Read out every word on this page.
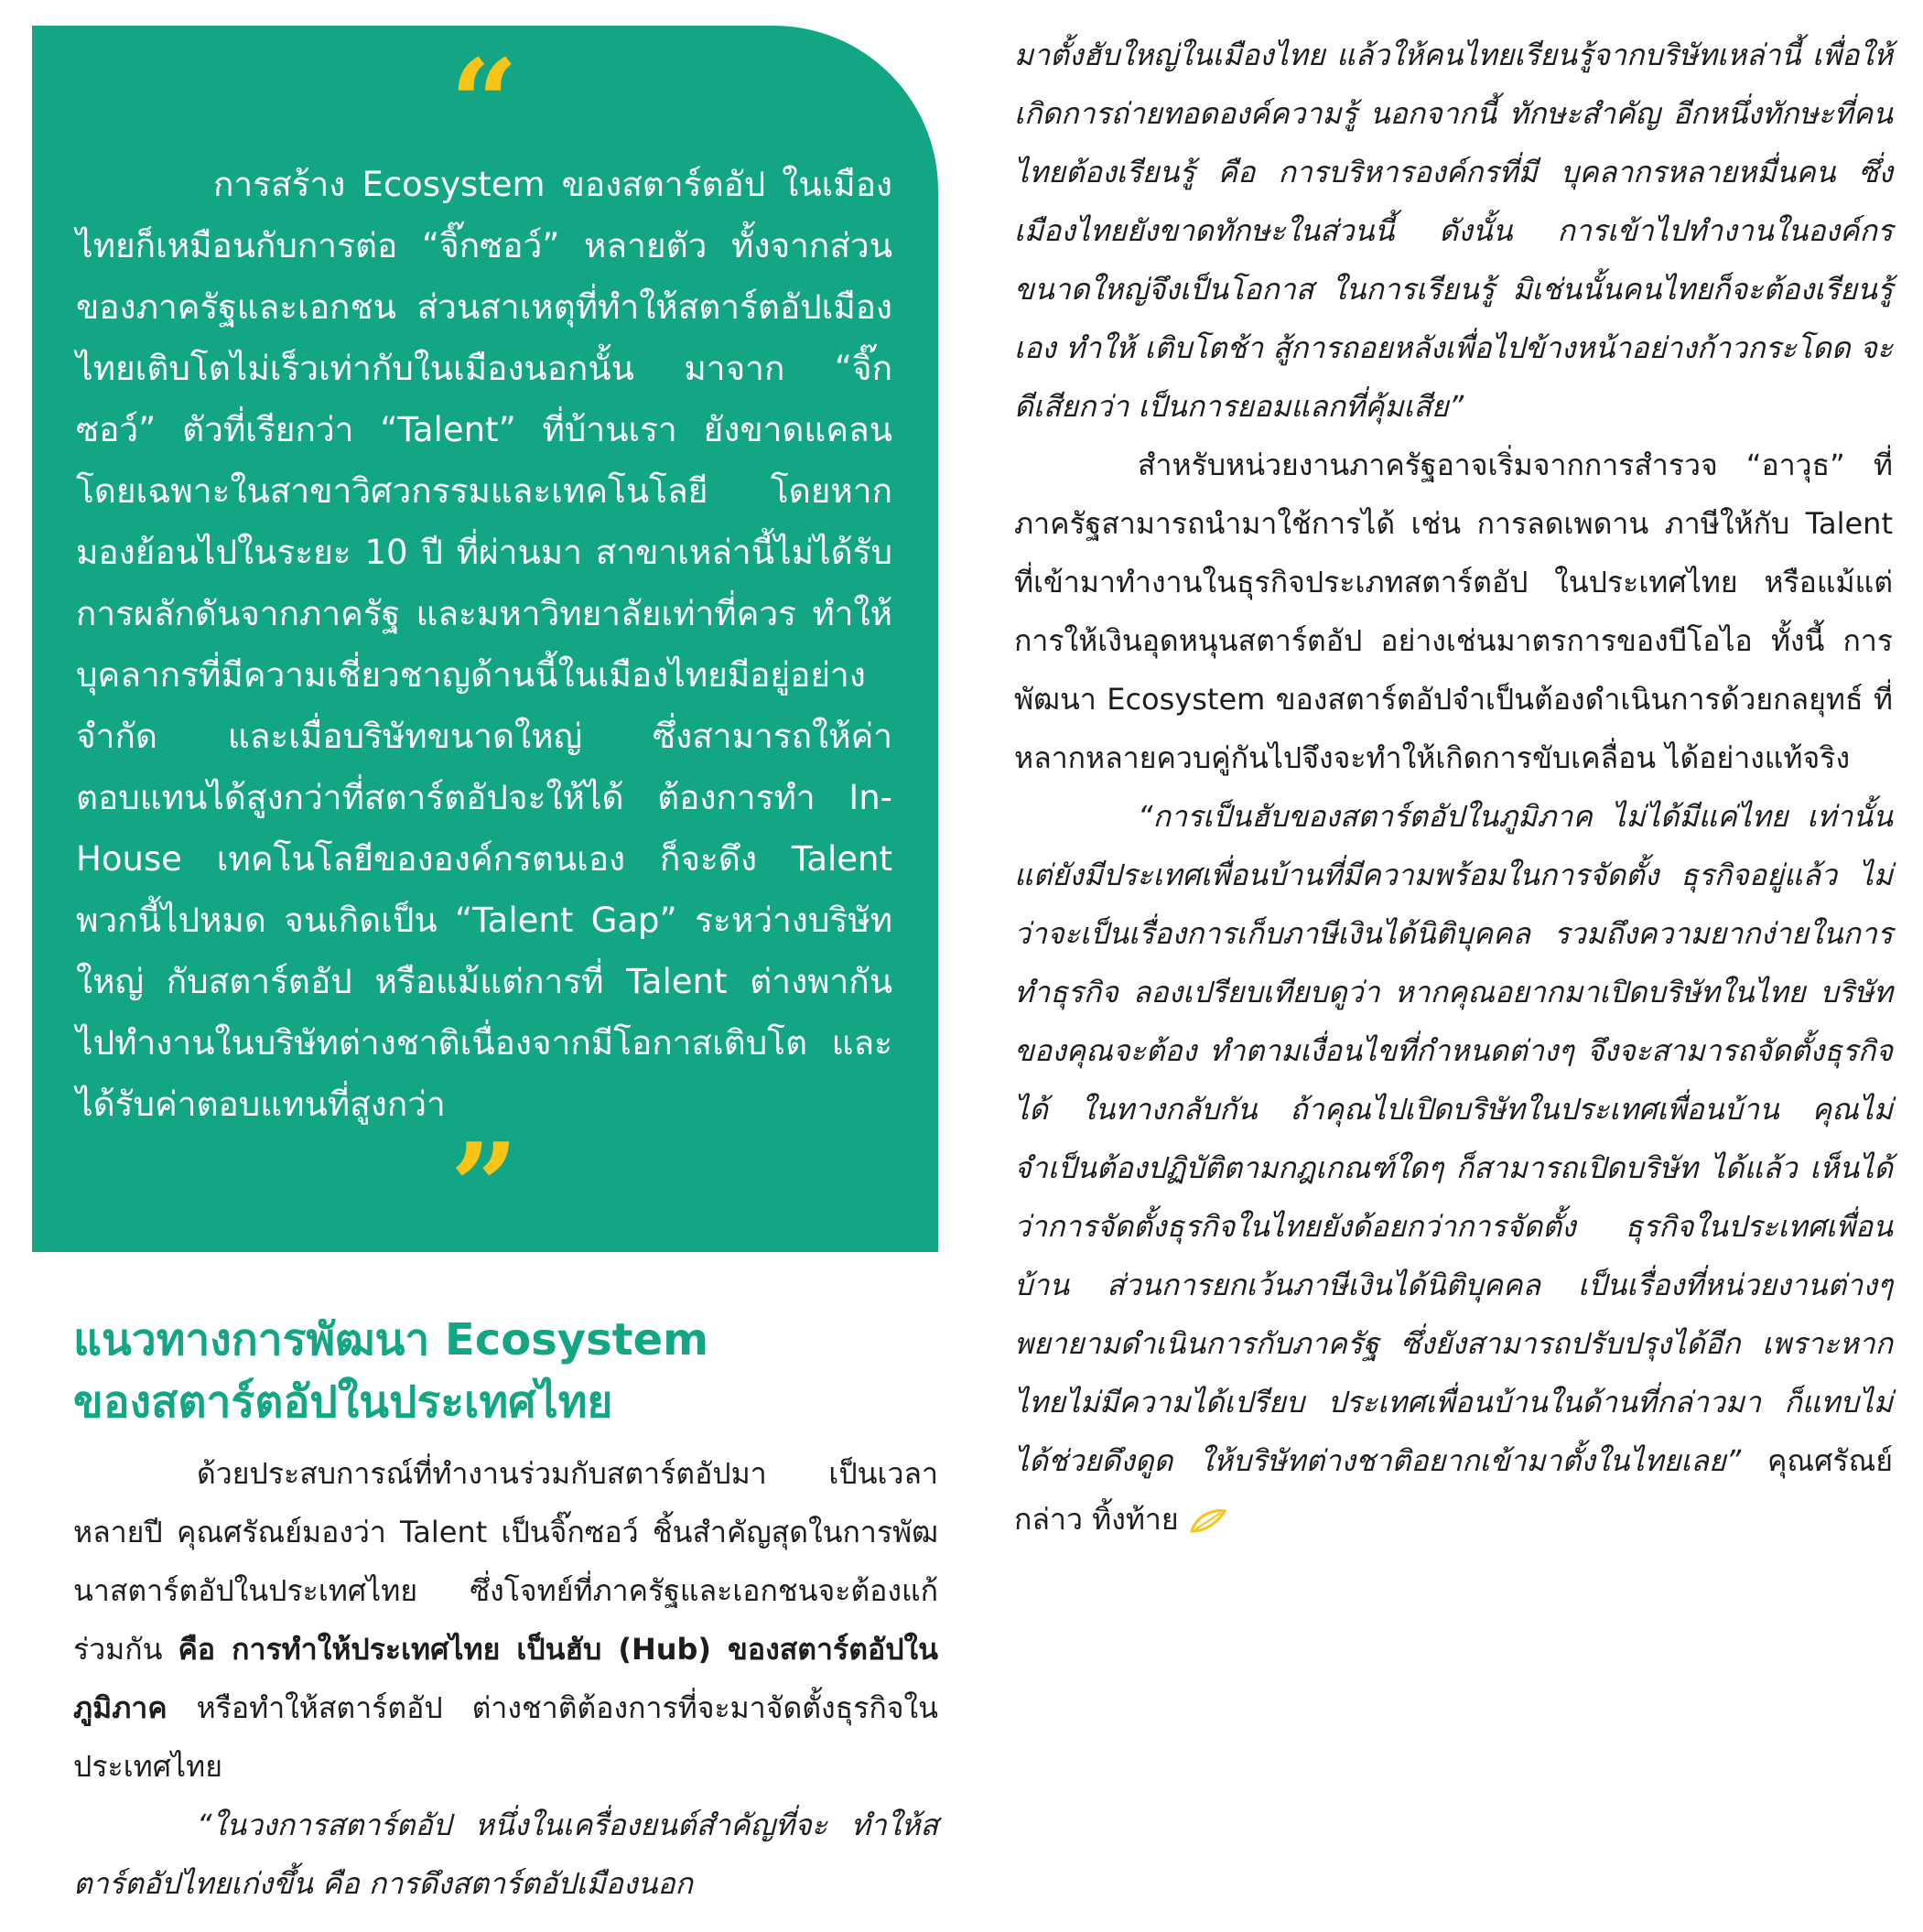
“

การสร้าง Ecosystem ของสตาร์ตอัป ในเมืองไทยก็เหมือนกับการต่อ “จิ๊กซอว์” หลายตัว ทั้งจากส่วนของภาครัฐและเอกชน ส่วนสาเหตุที่ทำให้สตาร์ตอัปเมืองไทยเติบโตไม่เร็วเท่ากับในเมืองนอกนั้น มาจาก “จิ๊กซอว์” ตัวที่เรียกว่า “Talent” ที่บ้านเรา ยังขาดแคลน โดยเฉพาะในสาขาวิศวกรรมและเทคโนโลยี โดยหากมองย้อนไปในระยะ 10 ปี ที่ผ่านมา สาขาเหล่านี้ไม่ได้รับการผลักดันจากภาครัฐ และมหาวิทยาลัยเท่าที่ควร ทำให้บุคลากรที่มีความเชี่ยวชาญด้านนี้ในเมืองไทยมีอยู่อย่างจำกัด และเมื่อบริษัทขนาดใหญ่ ซึ่งสามารถให้ค่าตอบแทนได้สูงกว่าที่สตาร์ตอัปจะให้ได้ ต้องการทำ In-House เทคโนโลยีขององค์กรตนเอง ก็จะดึง Talent พวกนี้ไปหมด จนเกิดเป็น “Talent Gap” ระหว่างบริษัทใหญ่ กับสตาร์ตอัป หรือแม้แต่การที่ Talent ต่างพากัน ไปทำงานในบริษัทต่างชาติเนื่องจากมีโอกาสเติบโต และได้รับค่าตอบแทนที่สูงกว่า

”
แนวทางการพัฒนา Ecosystem
ของสตาร์ตอัปในประเทศไทย

ด้วยประสบการณ์ที่ทำงานร่วมกับสตาร์ตอัปมา เป็นเวลาหลายปี คุณศรัณย์มองว่า Talent เป็นจิ๊กซอว์ ชิ้นสำคัญสุดในการพัฒนาสตาร์ตอัปในประเทศไทย ซึ่งโจทย์ที่ภาครัฐและเอกชนจะต้องแก้ร่วมกัน คือ การทำให้ประเทศไทย เป็นฮับ (Hub) ของสตาร์ตอัปในภูมิภาค หรือทำให้สตาร์ตอัป ต่างชาติต้องการที่จะมาจัดตั้งธุรกิจในประเทศไทย

“ในวงการสตาร์ตอัป หนึ่งในเครื่องยนต์สำคัญที่จะ ทำให้สตาร์ตอัปไทยเก่งขึ้น คือ การดึงสตาร์ตอัปเมืองนอก

มาตั้งฮับใหญ่ในเมืองไทย แล้วให้คนไทยเรียนรู้จากบริษัทเหล่านี้ เพื่อให้เกิดการถ่ายทอดองค์ความรู้ นอกจากนี้ ทักษะสำคัญ อีกหนึ่งทักษะที่คนไทยต้องเรียนรู้ คือ การบริหารองค์กรที่มี บุคลากรหลายหมื่นคน ซึ่งเมืองไทยยังขาดทักษะในส่วนนี้ ดังนั้น การเข้าไปทำงานในองค์กรขนาดใหญ่จึงเป็นโอกาส ในการเรียนรู้ มิเช่นนั้นคนไทยก็จะต้องเรียนรู้เอง ทำให้ เติบโตช้า สู้การถอยหลังเพื่อไปข้างหน้าอย่างก้าวกระโดด จะดีเสียกว่า เป็นการยอมแลกที่คุ้มเสีย”

สำหรับหน่วยงานภาครัฐอาจเริ่มจากการสำรวจ “อาวุธ” ที่ภาครัฐสามารถนำมาใช้การได้ เช่น การลดเพดาน ภาษีให้กับ Talent ที่เข้ามาทำงานในธุรกิจประเภทสตาร์ตอัป ในประเทศไทย หรือแม้แต่การให้เงินอุดหนุนสตาร์ตอัป อย่างเช่นมาตรการของบีโอไอ ทั้งนี้ การพัฒนา Ecosystem ของสตาร์ตอัปจำเป็นต้องดำเนินการด้วยกลยุทธ์ ที่หลากหลายควบคู่กันไปจึงจะทำให้เกิดการขับเคลื่อน ได้อย่างแท้จริง

“การเป็นฮับของสตาร์ตอัปในภูมิภาค ไม่ได้มีแค่ไทย เท่านั้น แต่ยังมีประเทศเพื่อนบ้านที่มีความพร้อมในการจัดตั้ง ธุรกิจอยู่แล้ว ไม่ว่าจะเป็นเรื่องการเก็บภาษีเงินได้นิติบุคคล รวมถึงความยากง่ายในการทำธุรกิจ ลองเปรียบเทียบดูว่า หากคุณอยากมาเปิดบริษัทในไทย บริษัทของคุณจะต้อง ทำตามเงื่อนไขที่กำหนดต่างๆ จึงจะสามารถจัดตั้งธุรกิจได้ ในทางกลับกัน ถ้าคุณไปเปิดบริษัทในประเทศเพื่อนบ้าน คุณไม่จำเป็นต้องปฏิบัติตามกฎเกณฑ์ใดๆ ก็สามารถเปิดบริษัท ได้แล้ว เห็นได้ว่าการจัดตั้งธุรกิจในไทยยังด้อยกว่าการจัดตั้ง ธุรกิจในประเทศเพื่อนบ้าน ส่วนการยกเว้นภาษีเงินได้นิติบุคคล เป็นเรื่องที่หน่วยงานต่างๆ พยายามดำเนินการกับภาครัฐ ซึ่งยังสามารถปรับปรุงได้อีก เพราะหากไทยไม่มีความได้เปรียบ ประเทศเพื่อนบ้านในด้านที่กล่าวมา ก็แทบไม่ได้ช่วยดึงดูด ให้บริษัทต่างชาติอยากเข้ามาตั้งในไทยเลย” คุณศรัณย์กล่าว ทิ้งท้าย
